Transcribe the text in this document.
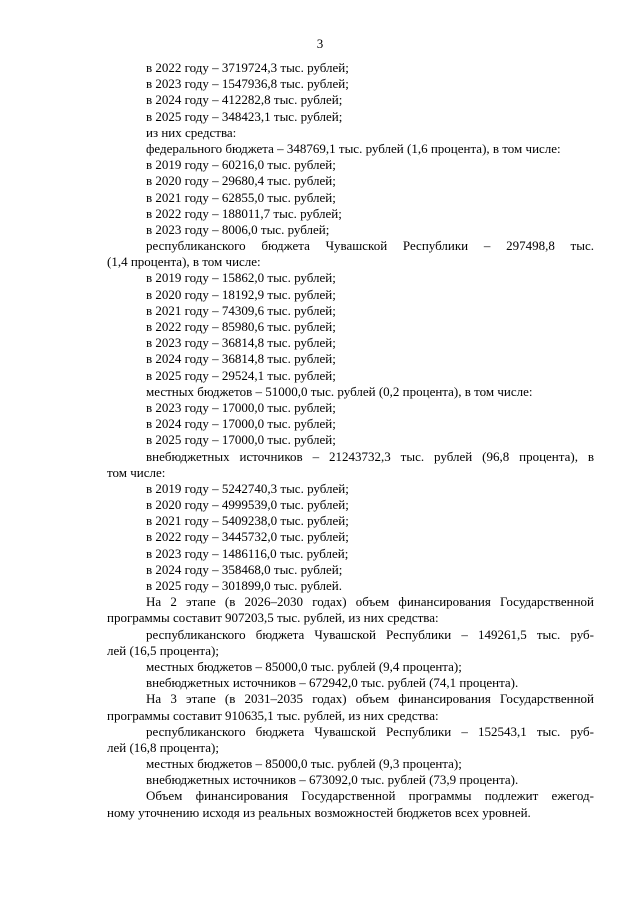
3
в 2022 году – 3719724,3 тыс. рублей;
в 2023 году – 1547936,8 тыс. рублей;
в 2024 году – 412282,8 тыс. рублей;
в 2025 году – 348423,1 тыс. рублей;
из них средства:
федерального бюджета – 348769,1 тыс. рублей (1,6 процента), в том числе:
в 2019 году – 60216,0 тыс. рублей;
в 2020 году – 29680,4 тыс. рублей;
в 2021 году – 62855,0 тыс. рублей;
в 2022 году – 188011,7 тыс. рублей;
в 2023 году – 8006,0 тыс. рублей;
республиканского бюджета Чувашской Республики – 297498,8 тыс.
(1,4 процента), в том числе:
в 2019 году – 15862,0 тыс. рублей;
в 2020 году – 18192,9 тыс. рублей;
в 2021 году – 74309,6 тыс. рублей;
в 2022 году – 85980,6 тыс. рублей;
в 2023 году – 36814,8 тыс. рублей;
в 2024 году – 36814,8 тыс. рублей;
в 2025 году – 29524,1 тыс. рублей;
местных бюджетов – 51000,0 тыс. рублей (0,2 процента), в том числе:
в 2023 году – 17000,0 тыс. рублей;
в 2024 году – 17000,0 тыс. рублей;
в 2025 году – 17000,0 тыс. рублей;
внебюджетных источников – 21243732,3 тыс. рублей (96,8 процента), в
том числе:
в 2019 году – 5242740,3 тыс. рублей;
в 2020 году – 4999539,0 тыс. рублей;
в 2021 году – 5409238,0 тыс. рублей;
в 2022 году – 3445732,0 тыс. рублей;
в 2023 году – 1486116,0 тыс. рублей;
в 2024 году – 358468,0 тыс. рублей;
в 2025 году – 301899,0 тыс. рублей.
На 2 этапе (в 2026–2030 годах) объем финансирования Государственной
программы составит 907203,5 тыс. рублей, из них средства:
республиканского бюджета Чувашской Республики – 149261,5 тыс. руб-
лей (16,5 процента);
местных бюджетов – 85000,0 тыс. рублей (9,4 процента);
внебюджетных источников – 672942,0 тыс. рублей (74,1 процента).
На 3 этапе (в 2031–2035 годах) объем финансирования Государственной
программы составит 910635,1 тыс. рублей, из них средства:
республиканского бюджета Чувашской Республики – 152543,1 тыс. руб-
лей (16,8 процента);
местных бюджетов – 85000,0 тыс. рублей (9,3 процента);
внебюджетных источников – 673092,0 тыс. рублей (73,9 процента).
Объем финансирования Государственной программы подлежит ежегод-
ному уточнению исходя из реальных возможностей бюджетов всех уровней.
